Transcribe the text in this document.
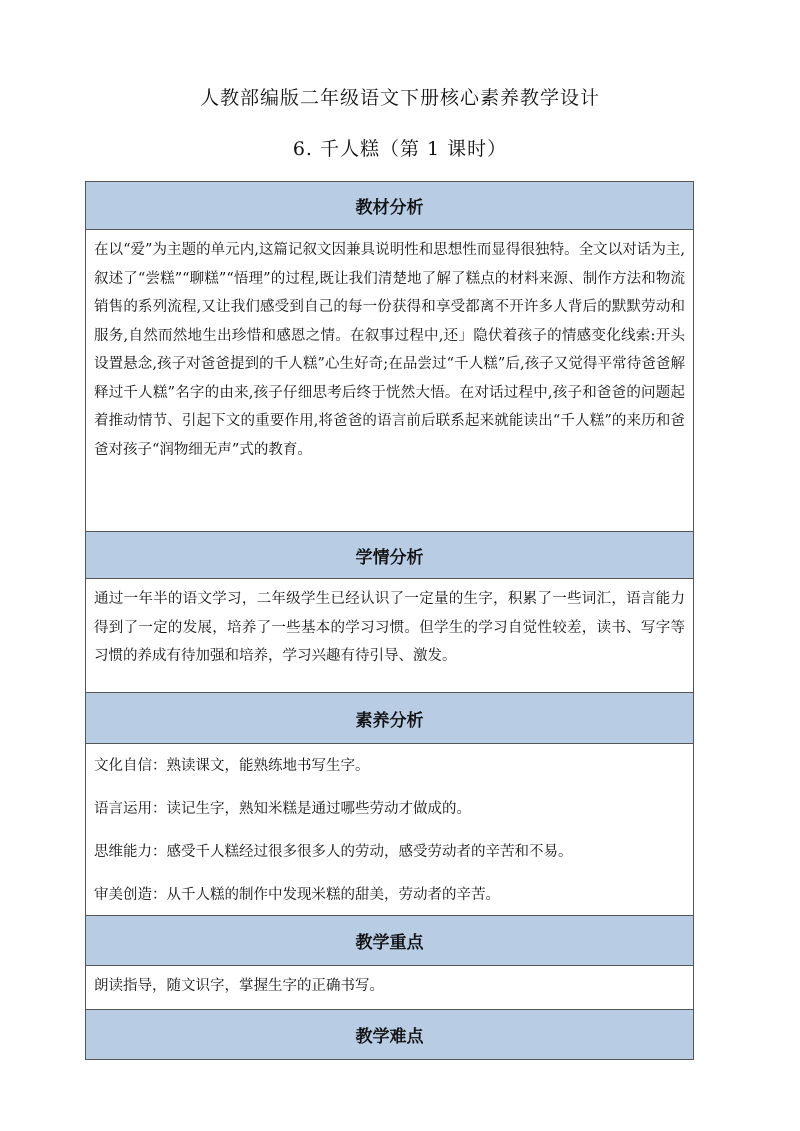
人教部编版二年级语文下册核心素养教学设计
6. 千人糕（第 1 课时）
教材分析

在以“爱”为主题的单元内,这篇记叙文因兼具说明性和思想性而显得很独特。全文以对话为主,叙述了“尝糕”“聊糕”“悟理”的过程,既让我们清楚地了解了糕点的材料来源、制作方法和物流销售的系列流程,又让我们感受到自己的每一份获得和享受都离不开许多人背后的默默劳动和服务,自然而然地生出珍惜和感恩之情。在叙事过程中,还」隐伏着孩子的情感变化线索:开头设置悬念,孩子对爸爸提到的千人糕”心生好奇;在品尝过“千人糕”后,孩子又觉得平常待爸爸解释过千人糕”名字的由来,孩子仔细思考后终于恍然大悟。在对话过程中,孩子和爸爸的问题起着推动情节、引起下文的重要作用,将爸爸的语言前后联系起来就能读出“千人糕”的来历和爸爸对孩子“润物细无声”式的教育。

学情分析

通过一年半的语文学习，二年级学生已经认识了一定量的生字，积累了一些词汇，语言能力得到了一定的发展，培养了一些基本的学习习惯。但学生的学习自觉性较差，读书、写字等习惯的养成有待加强和培养，学习兴趣有待引导、激发。

素养分析

文化自信：熟读课文，能熟练地书写生字。

语言运用：读记生字，熟知米糕是通过哪些劳动才做成的。

思维能力：感受千人糕经过很多很多人的劳动，感受劳动者的辛苦和不易。

审美创造：从千人糕的制作中发现米糕的甜美，劳动者的辛苦。

教学重点

朗读指导，随文识字，掌握生字的正确书写。

教学难点
